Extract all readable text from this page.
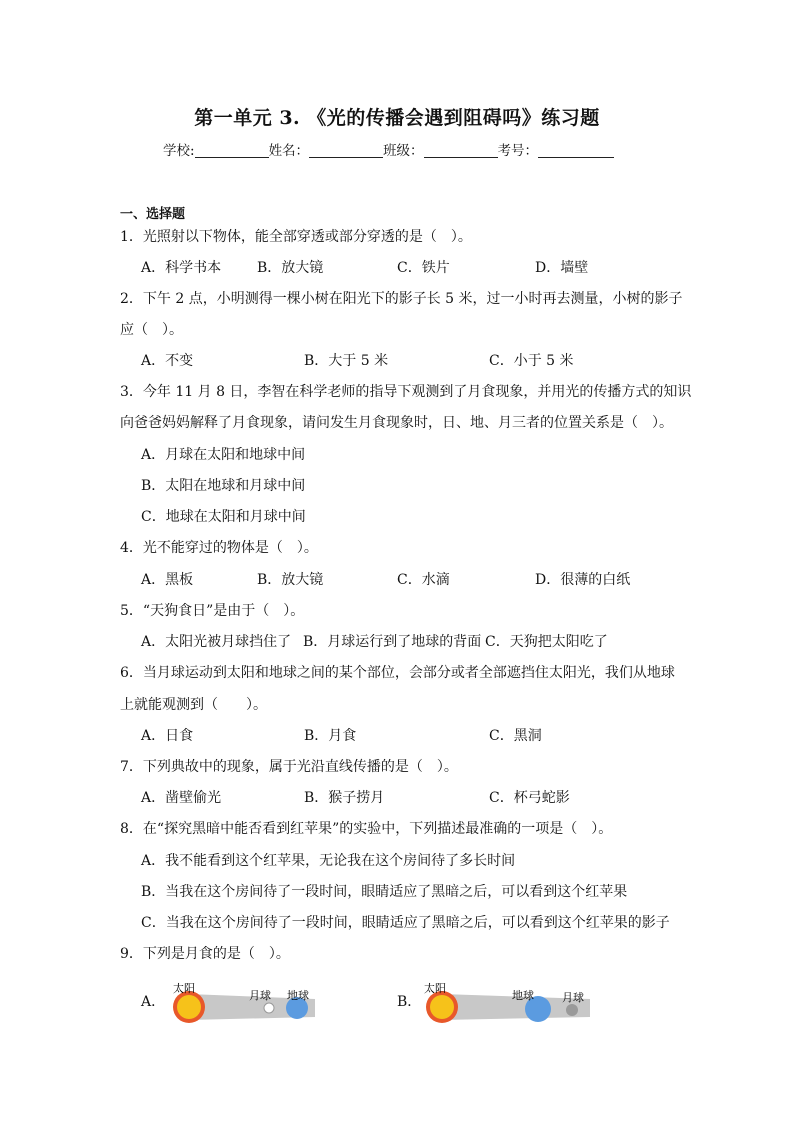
第一单元 3. 《光的传播会遇到阻碍吗》练习题
学校:	姓名：	班级：	考号：
一、选择题
1．光照射以下物体，能全部穿透或部分穿透的是（　）。
A．科学书本	B．放大镜	C．铁片	D．墙壁
2．下午 2 点，小明测得一棵小树在阳光下的影子长 5 米，过一小时再去测量，小树的影子
应（　）。
A．不变	B．大于 5 米	C．小于 5 米
3．今年 11 月 8 日，李智在科学老师的指导下观测到了月食现象，并用光的传播方式的知识
向爸爸妈妈解释了月食现象，请问发生月食现象时，日、地、月三者的位置关系是（　）。
A．月球在太阳和地球中间
B．太阳在地球和月球中间
C．地球在太阳和月球中间
4．光不能穿过的物体是（　）。
A．黑板	B．放大镜	C．水滴	D．很薄的白纸
5．“天狗食日”是由于（　）。
A．太阳光被月球挡住了 B．月球运行到了地球的背面 C．天狗把太阳吃了
6．当月球运动到太阳和地球之间的某个部位，会部分或者全部遮挡住太阳光，我们从地球
上就能观测到（　　）。
A．日食	B．月食	C．黑洞
7．下列典故中的现象，属于光沿直线传播的是（　）。
A．凿壁偷光	B．猴子捞月	C．杯弓蛇影
8．在“探究黑暗中能否看到红苹果”的实验中，下列描述最准确的一项是（　）。
A．我不能看到这个红苹果，无论我在这个房间待了多长时间
B．当我在这个房间待了一段时间，眼睛适应了黑暗之后，可以看到这个红苹果
C．当我在这个房间待了一段时间，眼睛适应了黑暗之后，可以看到这个红苹果的影子
9．下列是月食的是（　）。
A．
太阳
月球 地球	B．
太阳
地球	月球
